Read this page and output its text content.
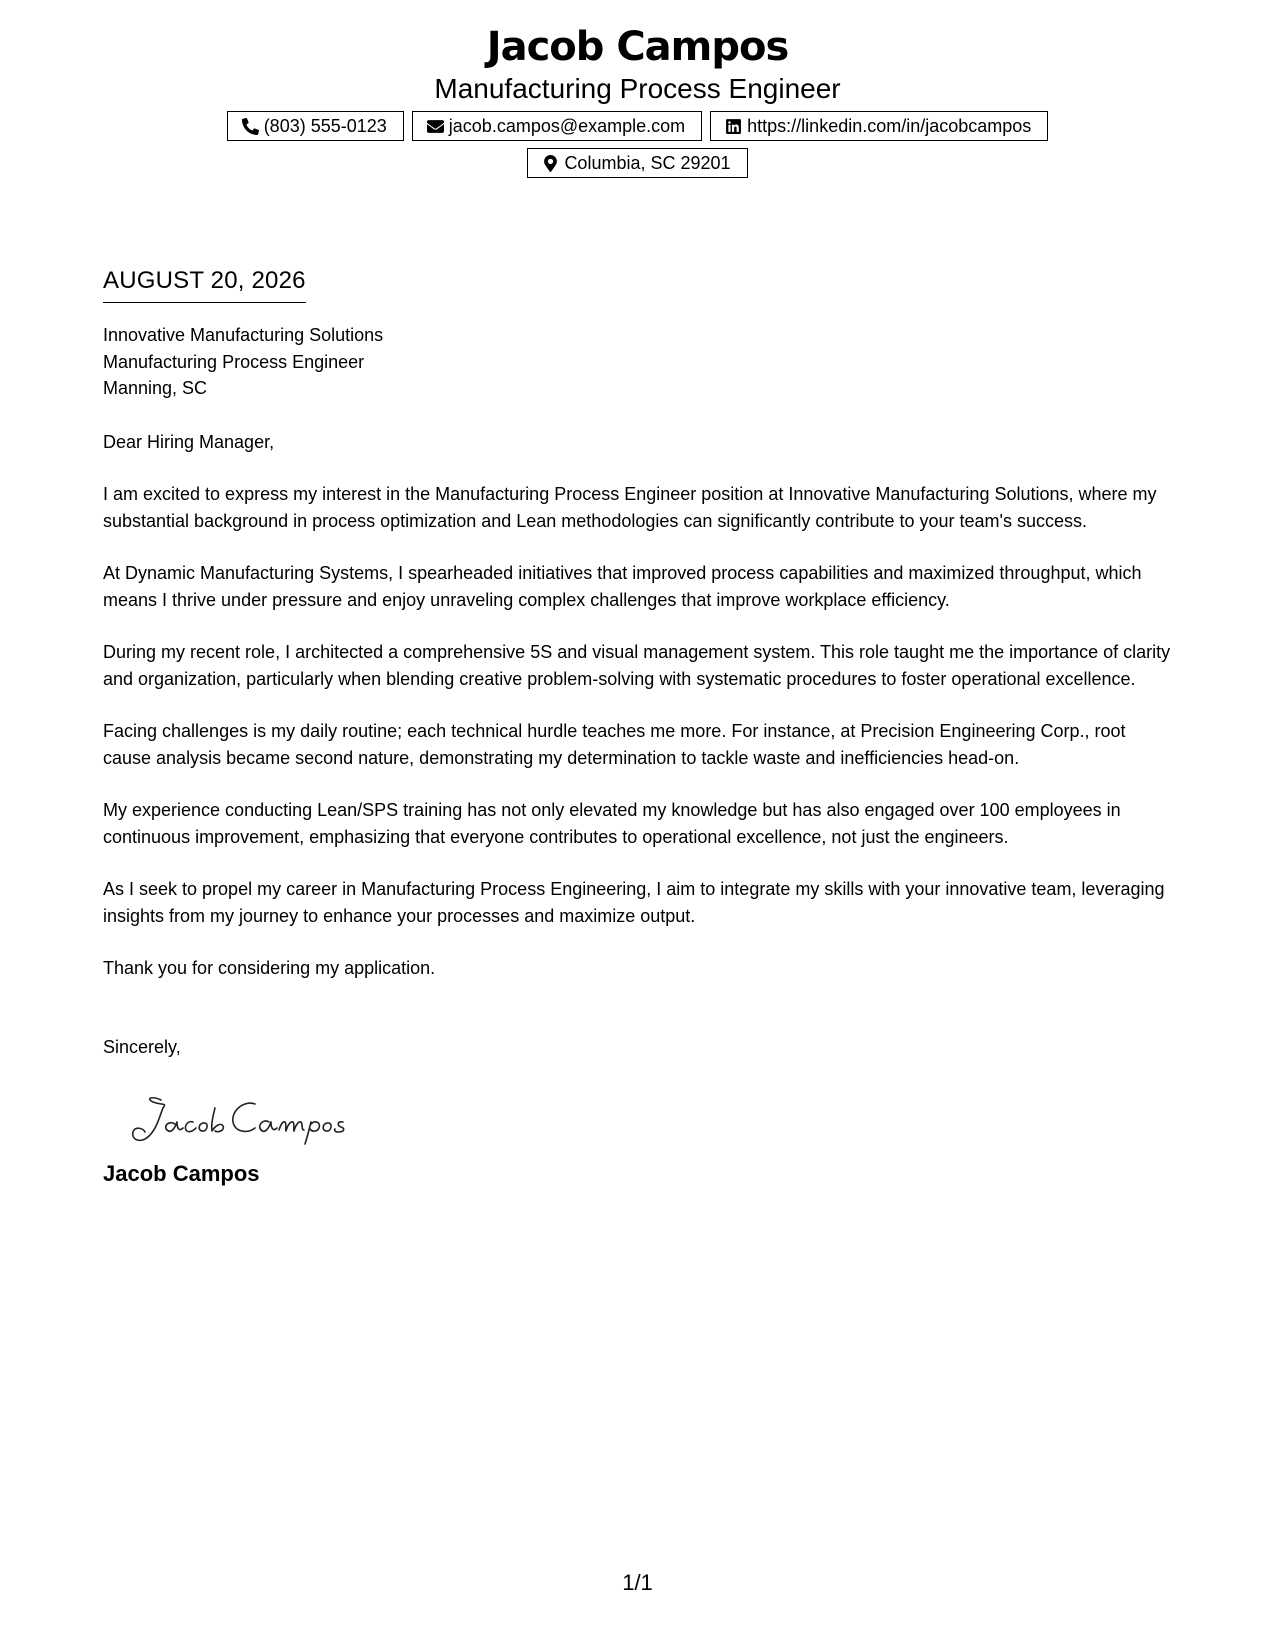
Jacob Campos
Manufacturing Process Engineer
(803) 555-0123	jacob.campos@example.com	https://linkedin.com/in/jacobcampos
Columbia, SC 29201
AUGUST 20, 2026
Innovative Manufacturing Solutions
Manufacturing Process Engineer
Manning, SC
Dear Hiring Manager,

I am excited to express my interest in the Manufacturing Process Engineer position at Innovative Manufacturing Solutions, where my substantial background in process optimization and Lean methodologies can significantly contribute to your team's success.

At Dynamic Manufacturing Systems, I spearheaded initiatives that improved process capabilities and maximized throughput, which means I thrive under pressure and enjoy unraveling complex challenges that improve workplace efficiency.

During my recent role, I architected a comprehensive 5S and visual management system. This role taught me the importance of clarity and organization, particularly when blending creative problem-solving with systematic procedures to foster operational excellence.

Facing challenges is my daily routine; each technical hurdle teaches me more. For instance, at Precision Engineering Corp., root cause analysis became second nature, demonstrating my determination to tackle waste and inefficiencies head-on.

My experience conducting Lean/SPS training has not only elevated my knowledge but has also engaged over 100 employees in continuous improvement, emphasizing that everyone contributes to operational excellence, not just the engineers.

As I seek to propel my career in Manufacturing Process Engineering, I aim to integrate my skills with your innovative team, leveraging insights from my journey to enhance your processes and maximize output.

Thank you for considering my application.

Sincerely,
Jacob Campos
1/1
